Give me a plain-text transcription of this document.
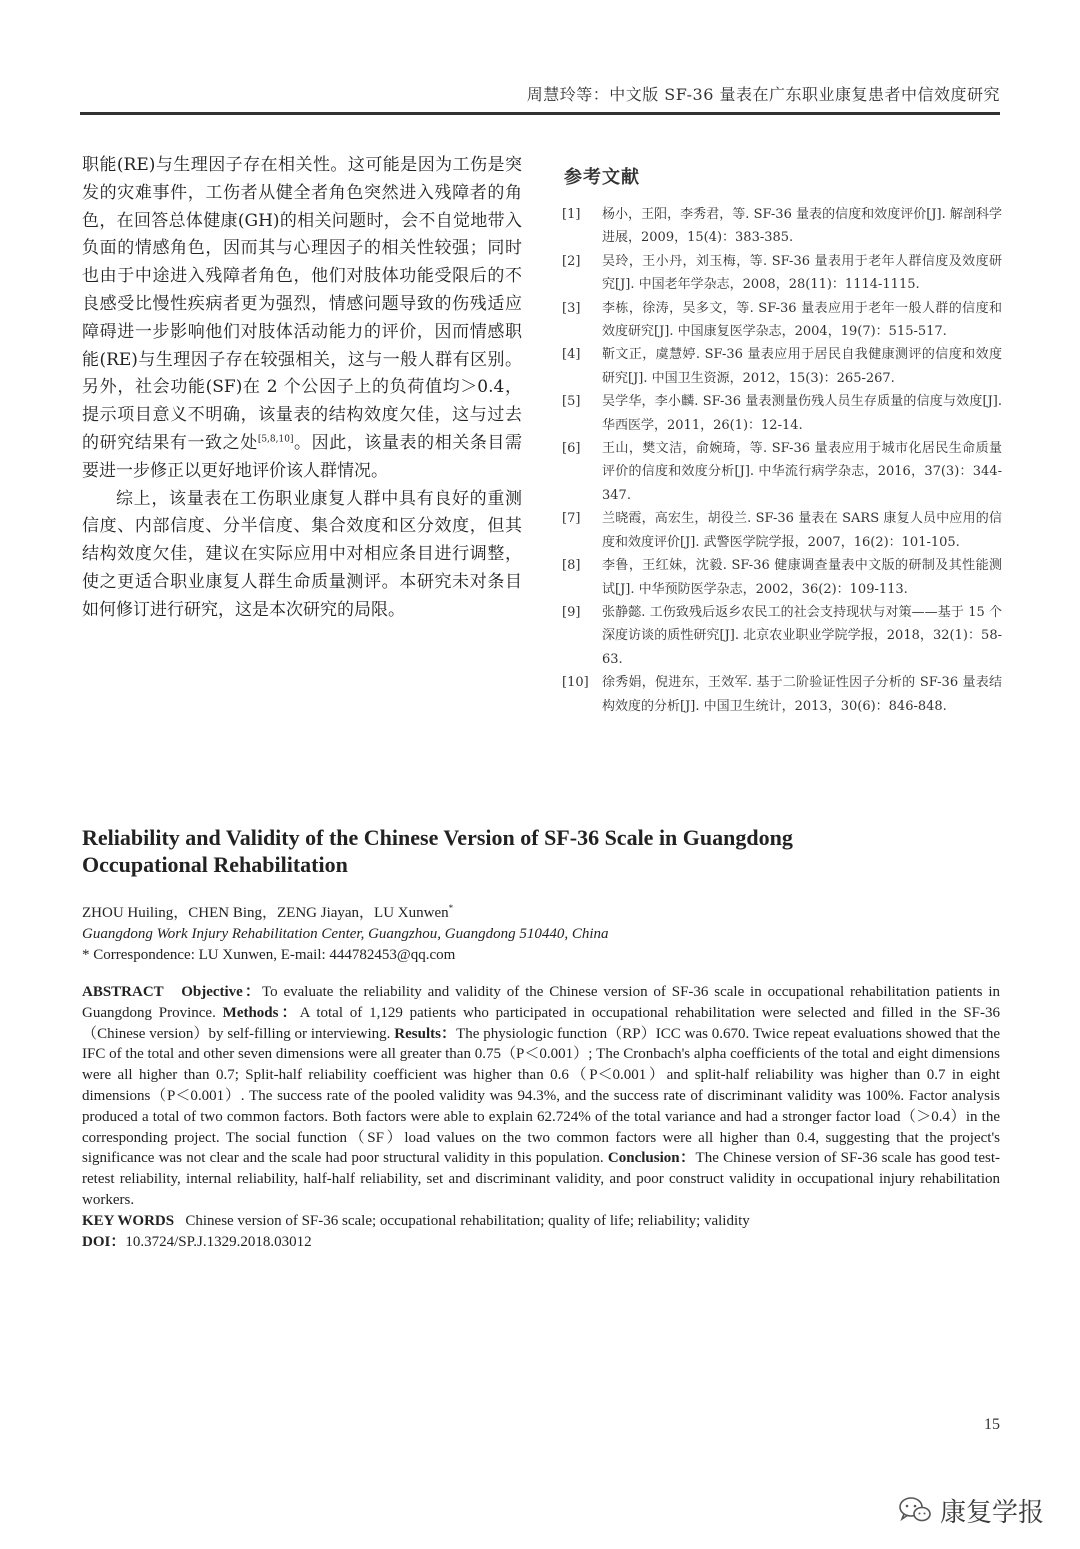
周慧玲等：中文版 SF-36 量表在广东职业康复患者中信效度研究

职能(RE)与生理因子存在相关性。这可能是因为工伤是突发的灾难事件，工伤者从健全者角色突然进入残障者的角色，在回答总体健康(GH)的相关问题时，会不自觉地带入负面的情感角色，因而其与心理因子的相关性较强；同时也由于中途进入残障者角色，他们对肢体功能受限后的不良感受比慢性疾病者更为强烈，情感问题导致的伤残适应障碍进一步影响他们对肢体活动能力的评价，因而情感职能(RE)与生理因子存在较强相关，这与一般人群有区别。另外，社会功能(SF)在 2 个公因子上的负荷值均＞0.4，提示项目意义不明确，该量表的结构效度欠佳，这与过去的研究结果有一致之处[5,8,10]。因此，该量表的相关条目需要进一步修正以更好地评价该人群情况。

综上，该量表在工伤职业康复人群中具有良好的重测信度、内部信度、分半信度、集合效度和区分效度，但其结构效度欠佳，建议在实际应用中对相应条目进行调整，使之更适合职业康复人群生命质量测评。本研究未对条目如何修订进行研究，这是本次研究的局限。

参考文献
[1]	杨小，王阳，李秀君，等. SF-36 量表的信度和效度评价[J]. 解剖科学进展，2009，15(4)：383-385.
[2]	吴玲，王小丹，刘玉梅，等. SF-36 量表用于老年人群信度及效度研究[J]. 中国老年学杂志，2008，28(11)：1114-1115.
[3]	李栋，徐涛，吴多文，等. SF-36 量表应用于老年一般人群的信度和效度研究[J]. 中国康复医学杂志，2004，19(7)：515-517.
[4]	靳文正，虞慧婷. SF-36 量表应用于居民自我健康测评的信度和效度研究[J]. 中国卫生资源，2012，15(3)：265-267.
[5]	吴学华，李小麟. SF-36 量表测量伤残人员生存质量的信度与效度[J]. 华西医学，2011，26(1)：12-14.
[6]	王山，樊文洁，俞婉琦，等. SF-36 量表应用于城市化居民生命质量评价的信度和效度分析[J]. 中华流行病学杂志，2016，37(3)：344-347.
[7]	兰晓霞，高宏生，胡役兰. SF-36 量表在 SARS 康复人员中应用的信度和效度评价[J]. 武警医学院学报，2007，16(2)：101-105.
[8]	李鲁，王红妹，沈毅. SF-36 健康调查量表中文版的研制及其性能测试[J]. 中华预防医学杂志，2002，36(2)：109-113.
[9]	张静懿. 工伤致残后返乡农民工的社会支持现状与对策——基于 15 个深度访谈的质性研究[J]. 北京农业职业学院学报，2018，32(1)：58-63.
[10]	徐秀娟，倪进东，王效军. 基于二阶验证性因子分析的 SF-36 量表结构效度的分析[J]. 中国卫生统计，2013，30(6)：846-848.
Reliability and Validity of the Chinese Version of SF-36 Scale in Guangdong
Occupational Rehabilitation
ZHOU Huiling，CHEN Bing，ZENG Jiayan，LU Xunwen*
Guangdong Work Injury Rehabilitation Center, Guangzhou, Guangdong 510440, China
* Correspondence: LU Xunwen, E-mail: 444782453@qq.com

ABSTRACT Objective：To evaluate the reliability and validity of the Chinese version of SF-36 scale in occupational rehabilitation patients in Guangdong Province. Methods：A total of 1,129 patients who participated in occupational rehabilitation were selected and filled in the SF-36（Chinese version）by self-filling or interviewing. Results：The physiologic function（RP）ICC was 0.670. Twice repeat evaluations showed that the IFC of the total and other seven dimensions were all greater than 0.75（P＜0.001）; The Cronbach's alpha coefficients of the total and eight dimensions were all higher than 0.7; Split-half reliability coefficient was higher than 0.6（P＜0.001）and split-half reliability was higher than 0.7 in eight dimensions（P＜0.001）. The success rate of the pooled validity was 94.3%, and the success rate of discriminant validity was 100%. Factor analysis produced a total of two common factors. Both factors were able to explain 62.724% of the total variance and had a stronger factor load（＞0.4）in the corresponding project. The social function（SF）load values on the two common factors were all higher than 0.4, suggesting that the project's significance was not clear and the scale had poor structural validity in this population. Conclusion：The Chinese version of SF-36 scale has good test-retest reliability, internal reliability, half-half reliability, set and discriminant validity, and poor construct validity in occupational injury rehabilitation workers.

KEY WORDS Chinese version of SF-36 scale; occupational rehabilitation; quality of life; reliability; validity

DOI：10.3724/SP.J.1329.2018.03012

15
康复学报
